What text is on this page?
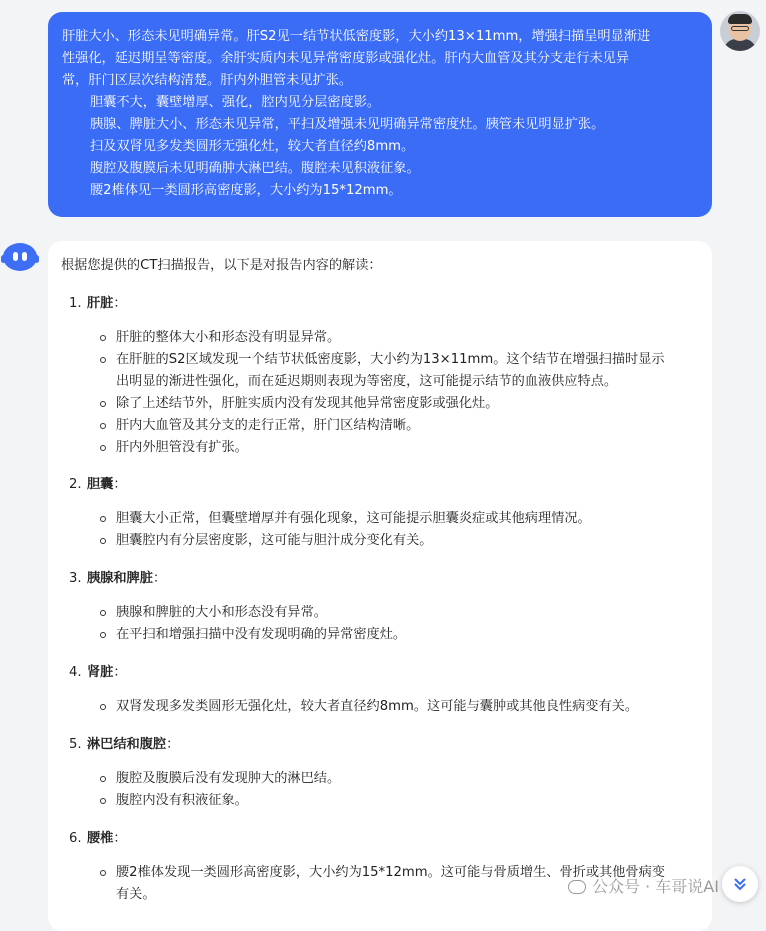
肝脏大小、形态未见明确异常。肝S2见一结节状低密度影，大小约13×11mm，增强扫描呈明显渐进

性强化，延迟期呈等密度。余肝实质内未见异常密度影或强化灶。肝内大血管及其分支走行未见异

常，肝门区层次结构清楚。肝内外胆管未见扩张。

胆囊不大，囊壁增厚、强化，腔内见分层密度影。

胰腺、脾脏大小、形态未见异常，平扫及增强未见明确异常密度灶。胰管未见明显扩张。

扫及双肾见多发类圆形无强化灶，较大者直径约8mm。

腹腔及腹膜后未见明确肿大淋巴结。腹腔未见积液征象。

腰2椎体见一类圆形高密度影，大小约为15*12mm。

根据您提供的CT扫描报告，以下是对报告内容的解读：

1. 肝脏：

肝脏的整体大小和形态没有明显异常。
在肝脏的S2区域发现一个结节状低密度影，大小约为13×11mm。这个结节在增强扫描时显示出明显的渐进性强化，而在延迟期则表现为等密度，这可能提示结节的血液供应特点。
除了上述结节外，肝脏实质内没有发现其他异常密度影或强化灶。
肝内大血管及其分支的走行正常，肝门区结构清晰。
肝内外胆管没有扩张。

2. 胆囊：

胆囊大小正常，但囊壁增厚并有强化现象，这可能提示胆囊炎症或其他病理情况。
胆囊腔内有分层密度影，这可能与胆汁成分变化有关。

3. 胰腺和脾脏：

胰腺和脾脏的大小和形态没有异常。
在平扫和增强扫描中没有发现明确的异常密度灶。

4. 肾脏：

双肾发现多发类圆形无强化灶，较大者直径约8mm。这可能与囊肿或其他良性病变有关。

5. 淋巴结和腹腔：

腹腔及腹膜后没有发现肿大的淋巴结。
腹腔内没有积液征象。

6. 腰椎：

腰2椎体发现一类圆形高密度影，大小约为15*12mm。这可能与骨质增生、骨折或其他骨病变有关。	公众号 · 车哥说AI
